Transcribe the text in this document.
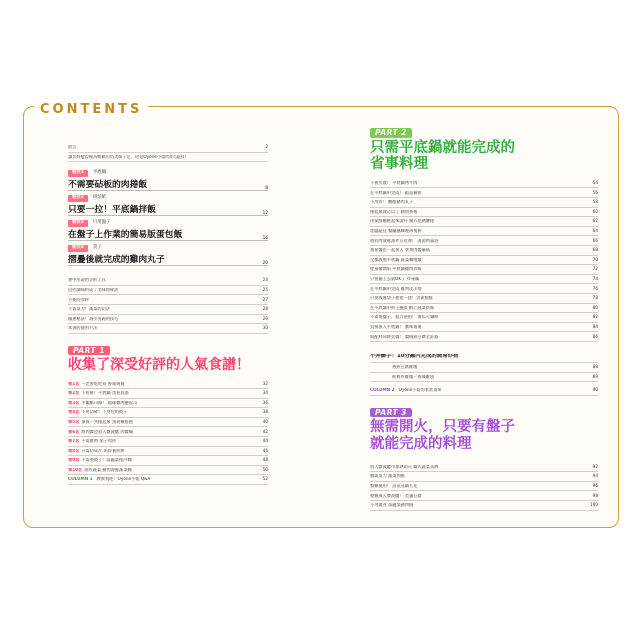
CONTENTS
前言	2
讓烹飪變得極為輕鬆但仍美味十足，這是Oyone小姐的4大絕技！
秘技1	平底鍋
不需要砧板的肉捲飯	8
秘技2	烘焙紙
只要一拉！平底鍋拌飯	12
秘技3	只用盤子
在盤子上作業的簡易版蛋包飯	16
秘技4	袋子
摺疊後就完成的雞肉丸子	20
書中出現的烹飪工具	24
這些調味料成了美味的秘訣	25
方便的食材	27
不需菜刀！蔬菜的切法	28
爆速秘訣！減少洗碗的技巧	29
本書的使用方法	30
PART 1
收集了深受好評的人氣食譜！
第1名 一定要吃吃看 香菇燒賣	32
第2名 不用捲！平底鍋 蛋卷高湯	34
第3名 手撕鯖司條！ 超絲雞肉鹽起司	36
第4名 不用切碎！不用包的餃子	38
第5名 頂成一列捲起來 黑胡椒排捲	40
第6名 將肉醬也放入微波爐 肉醬麵	42
第7名 不需費時 茄子肉炒	44
第8名 只需切成片 馬鈴薯煎餅	46
第9名 不需要餃子！高麗菜捲冷麵	48
第10名 油炸蔬菜 豬肉海鮮蔬菜麵	50
COLUMN 1 教教我吧！Oyone小姐 Q&A	52
PART 2
只需平底鍋就能完成的
省事料理
不會失敗！ 平底鍋烤牛肉	54
在平底鍋中完成！ 絕品豬排	56
不用炸！ 糖醋豬肉丸子	58
捲起來就可以了 豬肉香捲	60
用保鮮膜捲起來就好 豬五花豬腰捲	62
話題絕佳 餐廳風咖哩薄煲拼	64
將絞肉放進油炸豆皮裡！ 湯湯肉福袋	66
番茄醬也一起加入 豪爽肉醬蘑菇	68
全都放進平底鍋 蔬菜咖哩燉	70
從預備開始 平底鍋雞肉拌飯	72
只要擺上去就OK了 炸蓮藕	74
在平底鍋中完成 雞肉皮卡塔	76
只要放進袋子裡搓一搓！雲雀鮭鮭	78
在平底鍋中煎上鹽炙 蝦仁蔬菜炒飯	80
不需要盤子，超方便的！ 南瓜可樂餅	82
直接放入平底鍋！ 蟹味番薯	84
與配料同時烹調！ 醬燒油豆腐全針菇	86
不弄髒手！10分鐘內完成的簡易炸物
香煎豆腐雞塊	88
經典炸雞塊／香辣雞翅	89
COLUMN 2 Oyone小姐的家常菜單	90
PART 3
無需開火，只要有盤子
就能完成的料理
放入微波爐中加熱即可 韓式蔬菜蒸餅	92
無需菜刀 蔬菜肉捲	94
整顆使用！ 蒸蒸蒸鍋五花	96
整顆放入微波爐！ 蛋蘆豆腐	98
不用做煮 高麗菜豬肉燒	100
